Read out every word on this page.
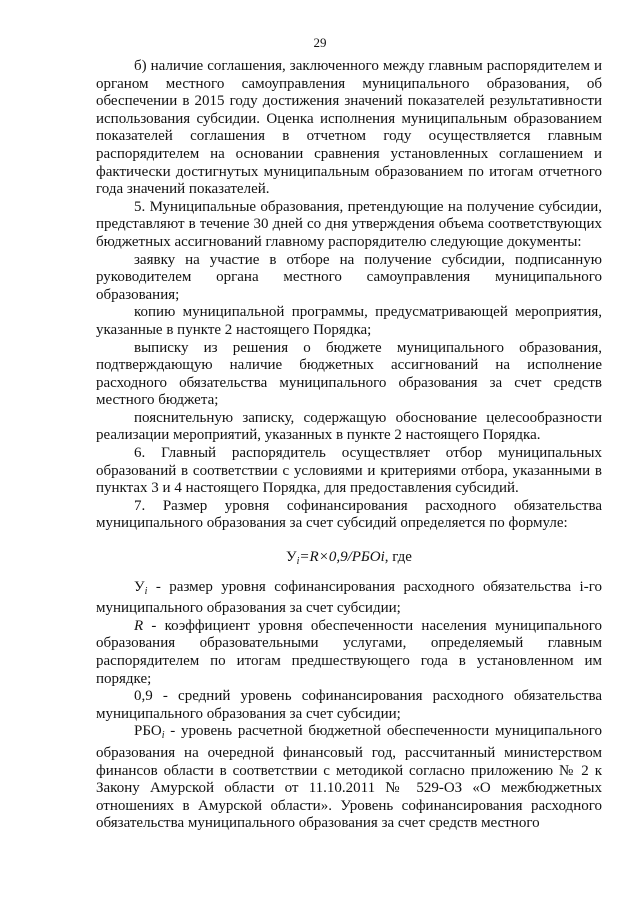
29

б) наличие соглашения, заключенного между главным распорядителем и органом местного самоуправления муниципального образования, об обеспечении в 2015 году достижения значений показателей результативности использования субсидии. Оценка исполнения муниципальным образованием показателей соглашения в отчетном году осуществляется главным распорядителем на основании сравнения установленных соглашением и фактически достигнутых муниципальным образованием по итогам отчетного года значений показателей.

5. Муниципальные образования, претендующие на получение субсидии, представляют в течение 30 дней со дня утверждения объема соответствующих бюджетных ассигнований главному распорядителю следующие документы:

заявку на участие в отборе на получение субсидии, подписанную руководителем органа местного самоуправления муниципального образования;

копию муниципальной программы, предусматривающей мероприятия, указанные в пункте 2 настоящего Порядка;

выписку из решения о бюджете муниципального образования, подтверждающую наличие бюджетных ассигнований на исполнение расходного обязательства муниципального образования за счет средств местного бюджета;

пояснительную записку, содержащую обоснование целесообразности реализации мероприятий, указанных в пункте 2 настоящего Порядка.

6. Главный распорядитель осуществляет отбор муниципальных образований в соответствии с условиями и критериями отбора, указанными в пунктах 3 и 4 настоящего Порядка, для предоставления субсидий.

7. Размер уровня софинансирования расходного обязательства муниципального образования за счет субсидий определяется по формуле:

$У_i=R\times 0,9$/РБОi, где

$У_i$ - размер уровня софинансирования расходного обязательства i-го муниципального образования за счет субсидии;

R - коэффициент уровня обеспеченности населения муниципального образования образовательными услугами, определяемый главным распорядителем по итогам предшествующего года в установленном им порядке;

0,9 - средний уровень софинансирования расходного обязательства муниципального образования за счет субсидии;

$РБО_i$ - уровень расчетной бюджетной обеспеченности муниципального образования на очередной финансовый год, рассчитанный министерством финансов области в соответствии с методикой согласно приложению № 2 к Закону Амурской области от 11.10.2011 № 529-ОЗ «О межбюджетных отношениях в Амурской области». Уровень софинансирования расходного обязательства муниципального образования за счет средств местного
